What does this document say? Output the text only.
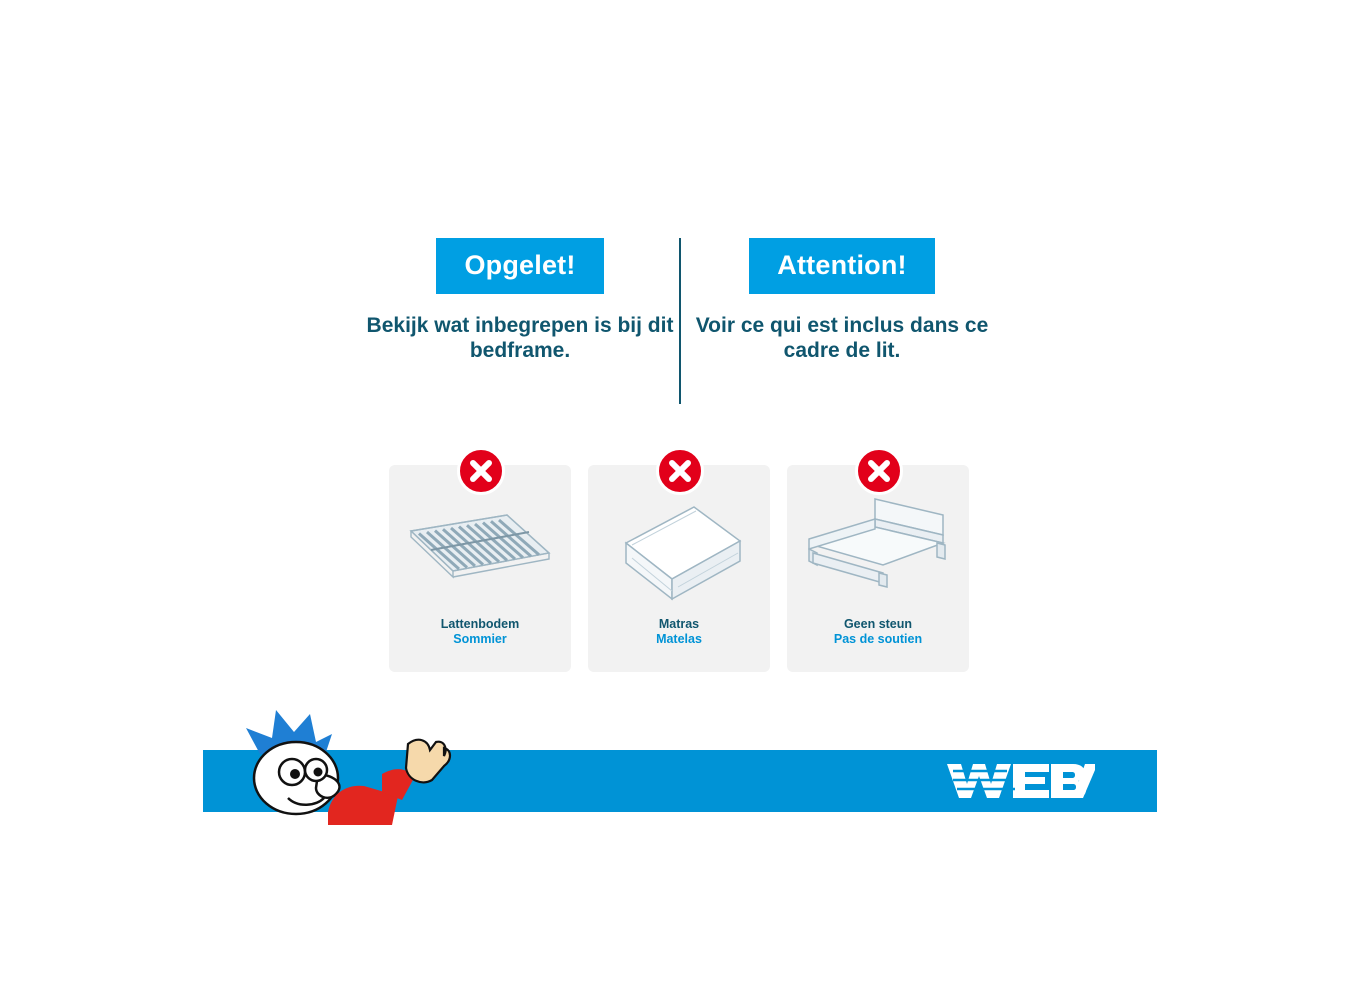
Opgelet!
Bekijk wat inbegrepen is bij dit bedframe.
Attention!
Voir ce qui est inclus dans ce cadre de lit.
Lattenbodem
Sommier
Matras
Matelas
Geen steun
Pas de soutien
